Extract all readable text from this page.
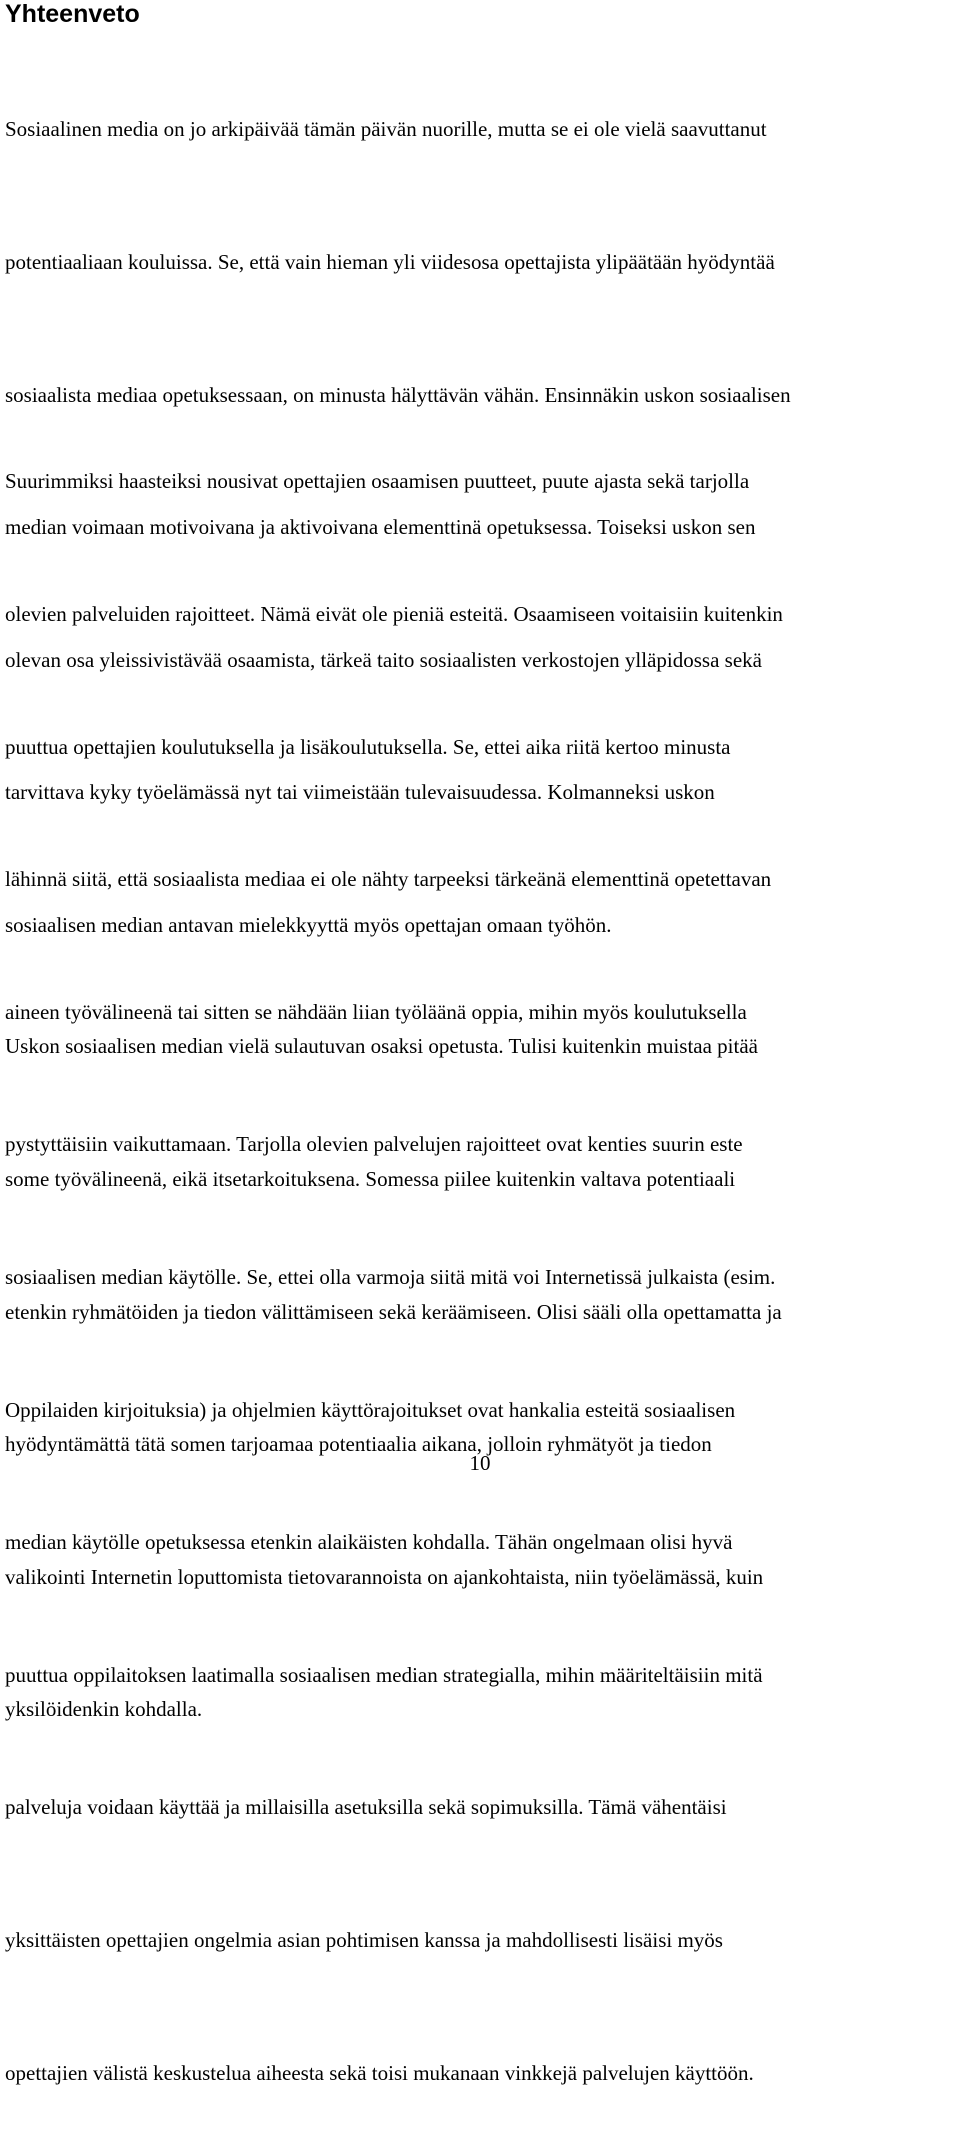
Yhteenveto

Sosiaalinen media on jo arkipäivää tämän päivän nuorille, mutta se ei ole vielä saavuttanut

potentiaaliaan kouluissa. Se, että vain hieman yli viidesosa opettajista ylipäätään hyödyntää

sosiaalista mediaa opetuksessaan, on minusta hälyttävän vähän. Ensinnäkin uskon sosiaalisen

median voimaan motivoivana ja aktivoivana elementtinä opetuksessa. Toiseksi uskon sen

olevan osa yleissivistävää osaamista, tärkeä taito sosiaalisten verkostojen ylläpidossa sekä

tarvittava kyky työelämässä nyt tai viimeistään tulevaisuudessa. Kolmanneksi uskon

sosiaalisen median antavan mielekkyyttä myös opettajan omaan työhön.

Suurimmiksi haasteiksi nousivat opettajien osaamisen puutteet, puute ajasta sekä tarjolla

olevien palveluiden rajoitteet. Nämä eivät ole pieniä esteitä. Osaamiseen voitaisiin kuitenkin

puuttua opettajien koulutuksella ja lisäkoulutuksella. Se, ettei aika riitä kertoo minusta

lähinnä siitä, että sosiaalista mediaa ei ole nähty tarpeeksi tärkeänä elementtinä opetettavan

aineen työvälineenä tai sitten se nähdään liian työläänä oppia, mihin myös koulutuksella

pystyttäisiin vaikuttamaan. Tarjolla olevien palvelujen rajoitteet ovat kenties suurin este

sosiaalisen median käytölle. Se, ettei olla varmoja siitä mitä voi Internetissä julkaista (esim.

Oppilaiden kirjoituksia) ja ohjelmien käyttörajoitukset ovat hankalia esteitä sosiaalisen

median käytölle opetuksessa etenkin alaikäisten kohdalla. Tähän ongelmaan olisi hyvä

puuttua oppilaitoksen laatimalla sosiaalisen median strategialla, mihin määriteltäisiin mitä

palveluja voidaan käyttää ja millaisilla asetuksilla sekä sopimuksilla. Tämä vähentäisi

yksittäisten opettajien ongelmia asian pohtimisen kanssa ja mahdollisesti lisäisi myös

opettajien välistä keskustelua aiheesta sekä toisi mukanaan vinkkejä palvelujen käyttöön.

Uskon sosiaalisen median vielä sulautuvan osaksi opetusta. Tulisi kuitenkin muistaa pitää

some työvälineenä, eikä itsetarkoituksena. Somessa piilee kuitenkin valtava potentiaali

etenkin ryhmätöiden ja tiedon välittämiseen sekä keräämiseen. Olisi sääli olla opettamatta ja

hyödyntämättä tätä somen tarjoamaa potentiaalia aikana, jolloin ryhmätyöt ja tiedon

valikointi Internetin loputtomista tietovarannoista on ajankohtaista, niin työelämässä, kuin

yksilöidenkin kohdalla.

10
